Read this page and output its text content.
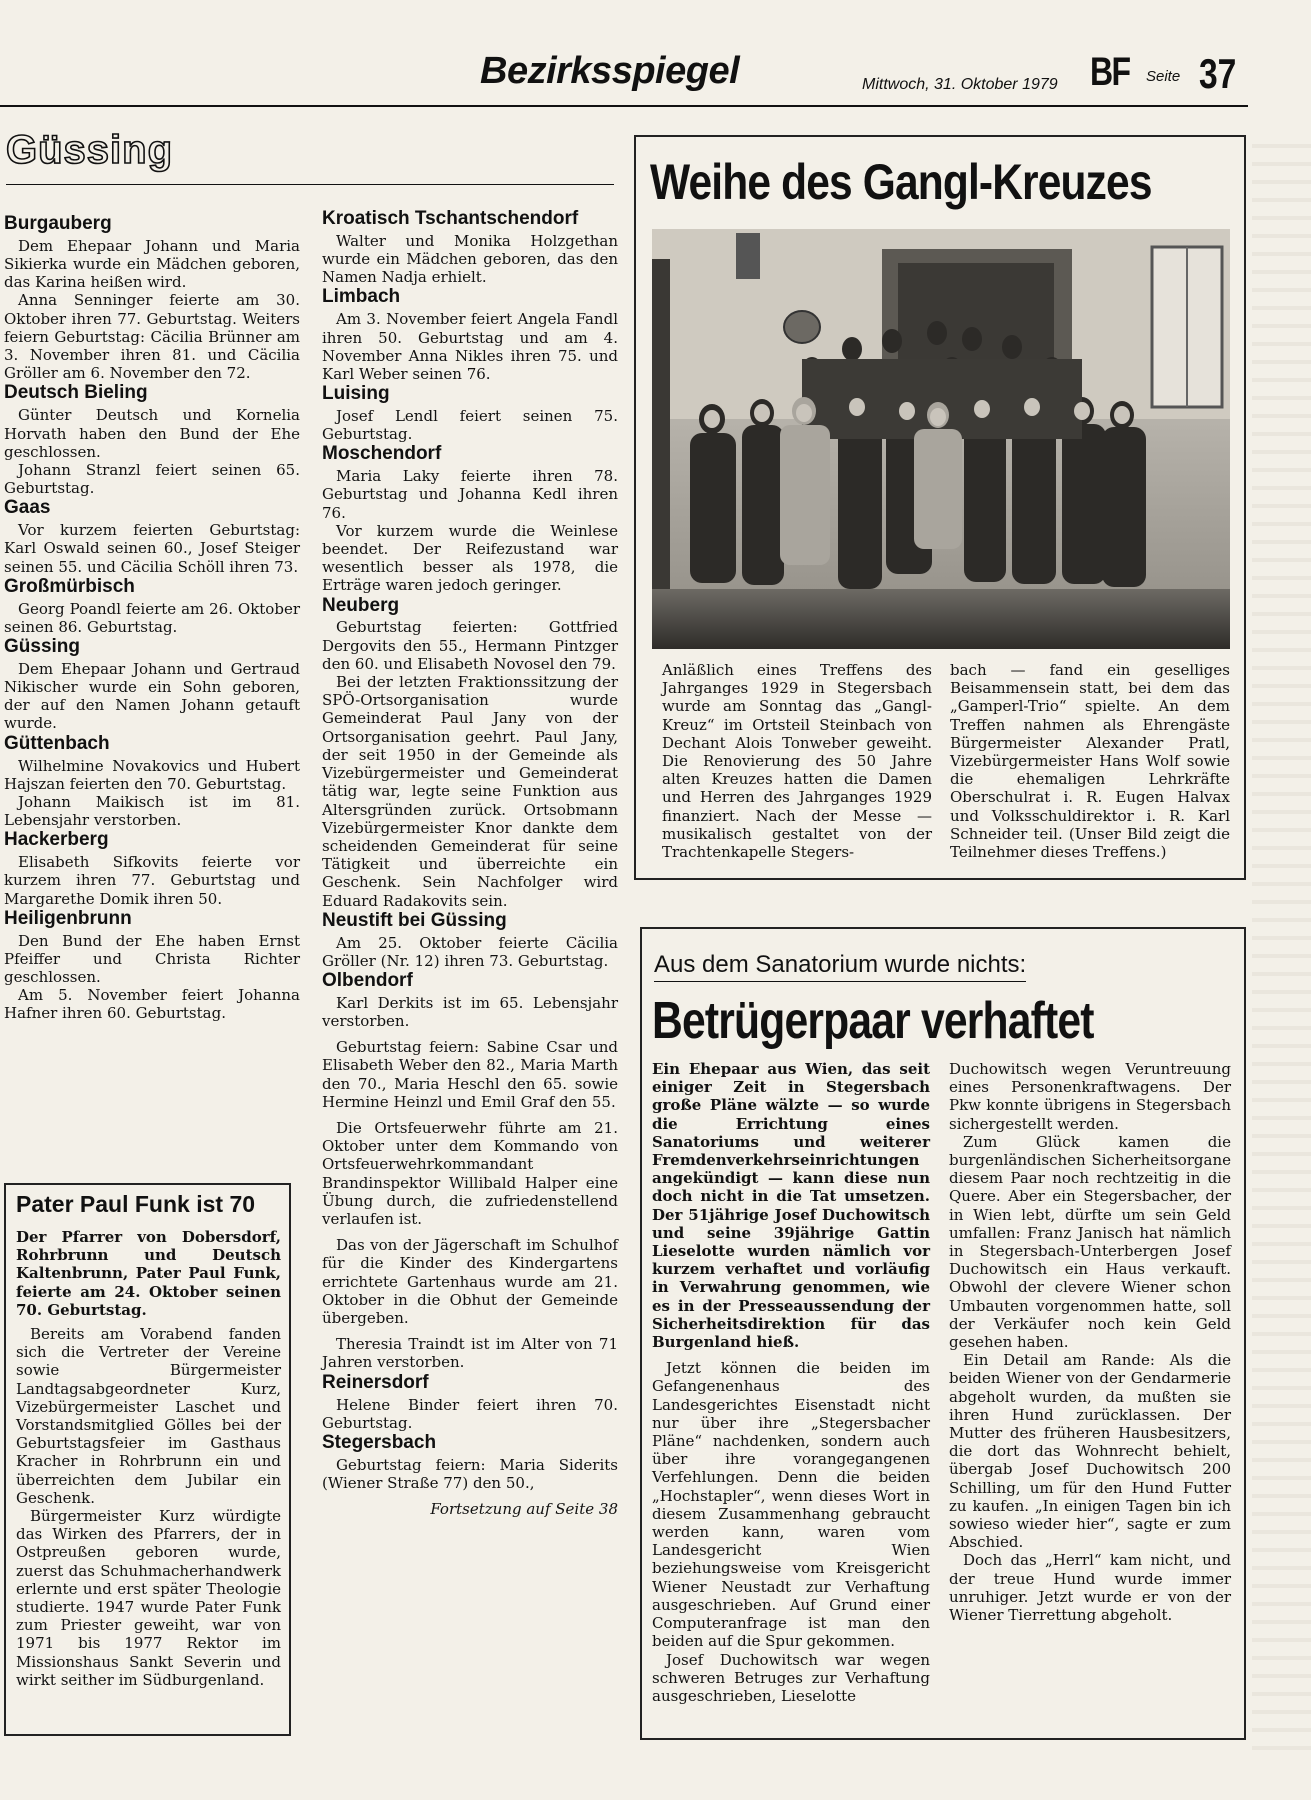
Bezirksspiegel	Mittwoch, 31. Oktober 1979 BF Seite 37
Güssing
Burgauberg

Dem Ehepaar Johann und Maria Sikierka wurde ein Mädchen geboren, das Karina heißen wird.

Anna Senninger feierte am 30. Oktober ihren 77. Geburtstag. Weiters feiern Geburtstag: Cäcilia Brünner am 3. November ihren 81. und Cäcilia Gröller am 6. November den 72.

Deutsch Bieling

Günter Deutsch und Kornelia Horvath haben den Bund der Ehe geschlossen.

Johann Stranzl feiert seinen 65. Geburtstag.

Gaas

Vor kurzem feierten Geburtstag: Karl Oswald seinen 60., Josef Steiger seinen 55. und Cäcilia Schöll ihren 73.

Großmürbisch

Georg Poandl feierte am 26. Oktober seinen 86. Geburtstag.

Güssing

Dem Ehepaar Johann und Gertraud Nikischer wurde ein Sohn geboren, der auf den Namen Johann getauft wurde.

Güttenbach

Wilhelmine Novakovics und Hubert Hajszan feierten den 70. Geburtstag.

Johann Maikisch ist im 81. Lebensjahr verstorben.

Hackerberg

Elisabeth Sifkovits feierte vor kurzem ihren 77. Geburtstag und Margarethe Domik ihren 50.

Heiligenbrunn

Den Bund der Ehe haben Ernst Pfeiffer und Christa Richter geschlossen.

Am 5. November feiert Johanna Hafner ihren 60. Geburtstag.

Pater Paul Funk ist 70

Der Pfarrer von Dobersdorf, Rohrbrunn und Deutsch Kaltenbrunn, Pater Paul Funk, feierte am 24. Oktober seinen 70. Geburtstag.

Bereits am Vorabend fanden sich die Vertreter der Vereine sowie Bürgermeister Landtagsabgeordneter Kurz, Vizebürgermeister Laschet und Vorstandsmitglied Gölles bei der Geburtstagsfeier im Gasthaus Kracher in Rohrbrunn ein und überreichten dem Jubilar ein Geschenk.

Bürgermeister Kurz würdigte das Wirken des Pfarrers, der in Ostpreußen geboren wurde, zuerst das Schuhmacherhandwerk erlernte und erst später Theologie studierte. 1947 wurde Pater Funk zum Priester geweiht, war von 1971 bis 1977 Rektor im Missionshaus Sankt Severin und wirkt seither im Südburgenland.

Kroatisch Tschantschendorf

Walter und Monika Holzgethan wurde ein Mädchen geboren, das den Namen Nadja erhielt.

Limbach

Am 3. November feiert Angela Fandl ihren 50. Geburtstag und am 4. November Anna Nikles ihren 75. und Karl Weber seinen 76.

Luising

Josef Lendl feiert seinen 75. Geburtstag.

Moschendorf

Maria Laky feierte ihren 78. Geburtstag und Johanna Kedl ihren 76.

Vor kurzem wurde die Weinlese beendet. Der Reifezustand war wesentlich besser als 1978, die Erträge waren jedoch geringer.

Neuberg

Geburtstag feierten: Gottfried Dergovits den 55., Hermann Pintzger den 60. und Elisabeth Novosel den 79.

Bei der letzten Fraktionssitzung der SPÖ-Ortsorganisation wurde Gemeinderat Paul Jany von der Ortsorganisation geehrt. Paul Jany, der seit 1950 in der Gemeinde als Vizebürgermeister und Gemeinderat tätig war, legte seine Funktion aus Altersgründen zurück. Ortsobmann Vizebürgermeister Knor dankte dem scheidenden Gemeinderat für seine Tätigkeit und überreichte ein Geschenk. Sein Nachfolger wird Eduard Radakovits sein.

Neustift bei Güssing

Am 25. Oktober feierte Cäcilia Gröller (Nr. 12) ihren 73. Geburtstag.

Olbendorf

Karl Derkits ist im 65. Lebensjahr verstorben.

Geburtstag feiern: Sabine Csar und Elisabeth Weber den 82., Maria Marth den 70., Maria Heschl den 65. sowie Hermine Heinzl und Emil Graf den 55.

Die Ortsfeuerwehr führte am 21. Oktober unter dem Kommando von Ortsfeuerwehrkommandant Brandinspektor Willibald Halper eine Übung durch, die zufriedenstellend verlaufen ist.

Das von der Jägerschaft im Schulhof für die Kinder des Kindergartens errichtete Gartenhaus wurde am 21. Oktober in die Obhut der Gemeinde übergeben.

Theresia Traindt ist im Alter von 71 Jahren verstorben.

Reinersdorf

Helene Binder feiert ihren 70. Geburtstag.

Stegersbach

Geburtstag feiern: Maria Siderits (Wiener Straße 77) den 50.,

Fortsetzung auf Seite 38
Weihe des Gangl-Kreuzes

Anläßlich eines Treffens des Jahrganges 1929 in Stegersbach wurde am Sonntag das „Gangl-Kreuz“ im Ortsteil Steinbach von Dechant Alois Tonweber geweiht. Die Renovierung des 50 Jahre alten Kreuzes hatten die Damen und Herren des Jahrganges 1929 finanziert. Nach der Messe — musikalisch gestaltet von der Trachtenkapelle Stegers-

bach — fand ein geselliges Beisammensein statt, bei dem das „Gamperl-Trio“ spielte. An dem Treffen nahmen als Ehrengäste Bürgermeister Alexander Pratl, Vizebürgermeister Hans Wolf sowie die ehemaligen Lehrkräfte Oberschulrat i. R. Eugen Halvax und Volksschuldirektor i. R. Karl Schneider teil. (Unser Bild zeigt die Teilnehmer dieses Treffens.)

Aus dem Sanatorium wurde nichts:
Betrügerpaar verhaftet

Ein Ehepaar aus Wien, das seit einiger Zeit in Stegersbach große Pläne wälzte — so wurde die Errichtung eines Sanatoriums und weiterer Fremdenverkehrseinrichtungen angekündigt — kann diese nun doch nicht in die Tat umsetzen. Der 51jährige Josef Duchowitsch und seine 39jährige Gattin Lieselotte wurden nämlich vor kurzem verhaftet und vorläufig in Verwahrung genommen, wie es in der Presseaussendung der Sicherheitsdirektion für das Burgenland hieß.

Jetzt können die beiden im Gefangenenhaus des Landesgerichtes Eisenstadt nicht nur über ihre „Stegersbacher Pläne“ nachdenken, sondern auch über ihre vorangegangenen Verfehlungen. Denn die beiden „Hochstapler“, wenn dieses Wort in diesem Zusammenhang gebraucht werden kann, waren vom Landesgericht Wien beziehungsweise vom Kreisgericht Wiener Neustadt zur Verhaftung ausgeschrieben. Auf Grund einer Computeranfrage ist man den beiden auf die Spur gekommen.

Josef Duchowitsch war wegen schweren Betruges zur Verhaftung ausgeschrieben, Lieselotte

Duchowitsch wegen Veruntreuung eines Personenkraftwagens. Der Pkw konnte übrigens in Stegersbach sichergestellt werden.

Zum Glück kamen die burgenländischen Sicherheitsorgane diesem Paar noch rechtzeitig in die Quere. Aber ein Stegersbacher, der in Wien lebt, dürfte um sein Geld umfallen: Franz Janisch hat nämlich in Stegersbach-Unterbergen Josef Duchowitsch ein Haus verkauft. Obwohl der clevere Wiener schon Umbauten vorgenommen hatte, soll der Verkäufer noch kein Geld gesehen haben.

Ein Detail am Rande: Als die beiden Wiener von der Gendarmerie abgeholt wurden, da mußten sie ihren Hund zurücklassen. Der Mutter des früheren Hausbesitzers, die dort das Wohnrecht behielt, übergab Josef Duchowitsch 200 Schilling, um für den Hund Futter zu kaufen. „In einigen Tagen bin ich sowieso wieder hier“, sagte er zum Abschied.

Doch das „Herrl“ kam nicht, und der treue Hund wurde immer unruhiger. Jetzt wurde er von der Wiener Tierrettung abgeholt.
